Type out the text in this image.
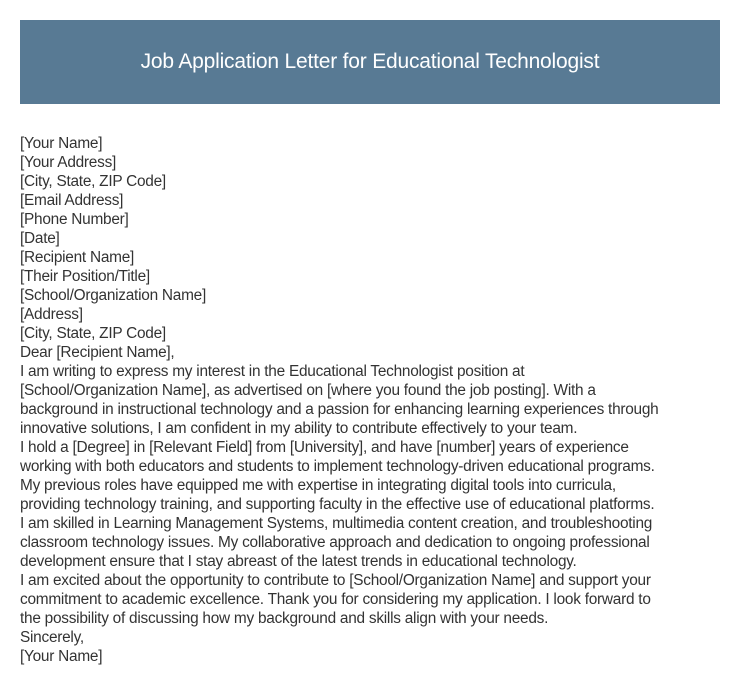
Job Application Letter for Educational Technologist
[Your Name]
[Your Address]
[City, State, ZIP Code]
[Email Address]
[Phone Number]
[Date]
[Recipient Name]
[Their Position/Title]
[School/Organization Name]
[Address]
[City, State, ZIP Code]
Dear [Recipient Name],

I am writing to express my interest in the Educational Technologist position at
[School/Organization Name], as advertised on [where you found the job posting]. With a
background in instructional technology and a passion for enhancing learning experiences through
innovative solutions, I am confident in my ability to contribute effectively to your team.

I hold a [Degree] in [Relevant Field] from [University], and have [number] years of experience
working with both educators and students to implement technology-driven educational programs.
My previous roles have equipped me with expertise in integrating digital tools into curricula,
providing technology training, and supporting faculty in the effective use of educational platforms.
I am skilled in Learning Management Systems, multimedia content creation, and troubleshooting
classroom technology issues. My collaborative approach and dedication to ongoing professional
development ensure that I stay abreast of the latest trends in educational technology.

I am excited about the opportunity to contribute to [School/Organization Name] and support your
commitment to academic excellence. Thank you for considering my application. I look forward to
the possibility of discussing how my background and skills align with your needs.

Sincerely,
[Your Name]
